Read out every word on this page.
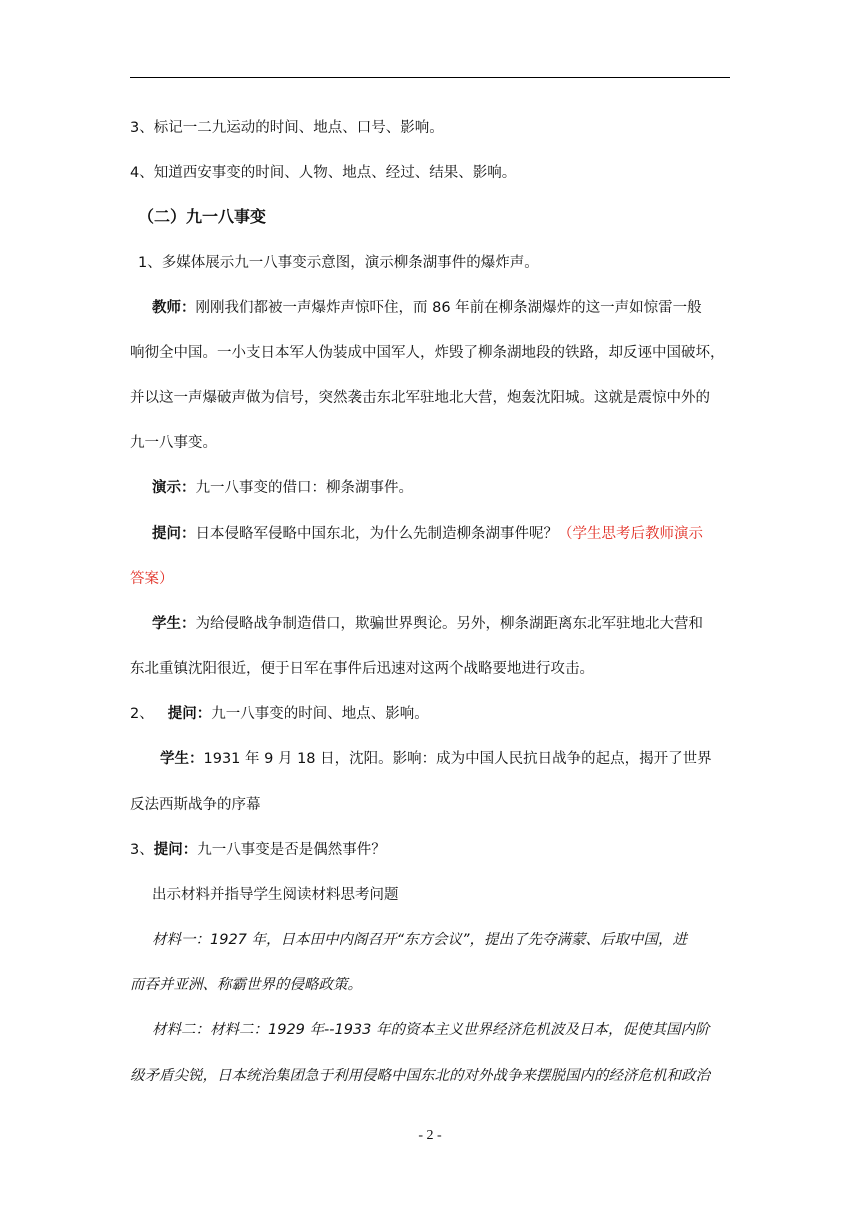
3、标记一二九运动的时间、地点、口号、影响。
4、知道西安事变的时间、人物、地点、经过、结果、影响。
（二）九一八事变
1、多媒体展示九一八事变示意图，演示柳条湖事件的爆炸声。
教师：刚刚我们都被一声爆炸声惊吓住，而 86 年前在柳条湖爆炸的这一声如惊雷一般
响彻全中国。一小支日本军人伪装成中国军人，炸毁了柳条湖地段的铁路，却反诬中国破坏，
并以这一声爆破声做为信号，突然袭击东北军驻地北大营，炮轰沈阳城。这就是震惊中外的
九一八事变。
演示：九一八事变的借口：柳条湖事件。
提问：日本侵略军侵略中国东北，为什么先制造柳条湖事件呢？（学生思考后教师演示
答案）
学生：为给侵略战争制造借口，欺骗世界舆论。另外，柳条湖距离东北军驻地北大营和
东北重镇沈阳很近，便于日军在事件后迅速对这两个战略要地进行攻击。
2、 提问：九一八事变的时间、地点、影响。
学生：1931 年 9 月 18 日，沈阳。影响：成为中国人民抗日战争的起点，揭开了世界
反法西斯战争的序幕
3、提问：九一八事变是否是偶然事件？
出示材料并指导学生阅读材料思考问题
材料一：1927 年，日本田中内阁召开“东方会议”，提出了先夺满蒙、后取中国，进
而吞并亚洲、称霸世界的侵略政策。
材料二：材料二：1929 年--1933 年的资本主义世界经济危机波及日本，促使其国内阶
级矛盾尖锐，日本统治集团急于利用侵略中国东北的对外战争来摆脱国内的经济危机和政治
- 2 -
